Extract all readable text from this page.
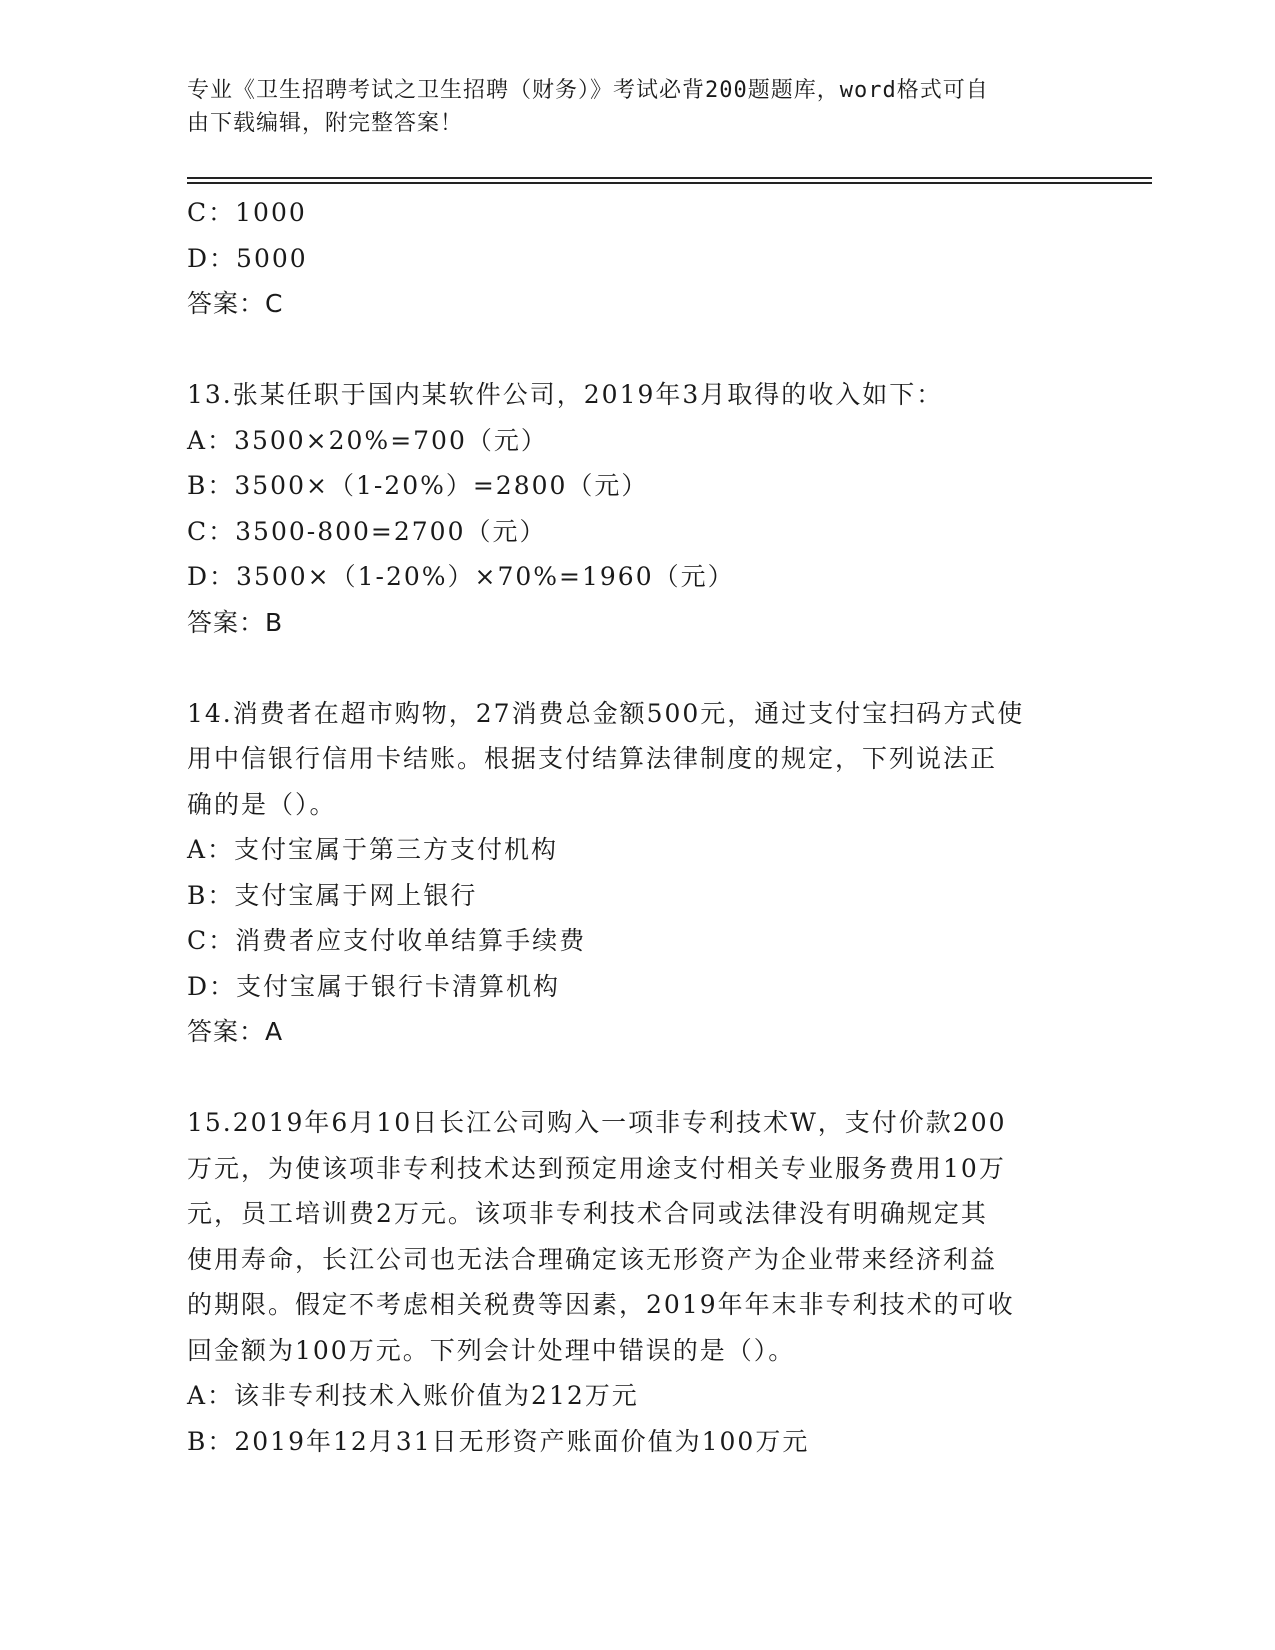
专业《卫生招聘考试之卫生招聘（财务）》考试必背200题题库，word格式可自
由下载编辑，附完整答案！
C：1000
D：5000
答案：C
13.张某任职于国内某软件公司，2019年3月取得的收入如下：
A：3500×20%=700（元）
B：3500×（1-20%）=2800（元）
C：3500-800=2700（元）
D：3500×（1-20%）×70%=1960（元）
答案：B
14.消费者在超市购物，27消费总金额500元，通过支付宝扫码方式使
用中信银行信用卡结账。根据支付结算法律制度的规定，下列说法正
确的是（）。
A：支付宝属于第三方支付机构
B：支付宝属于网上银行
C：消费者应支付收单结算手续费
D：支付宝属于银行卡清算机构
答案：A
15.2019年6月10日长江公司购入一项非专利技术W，支付价款200
万元，为使该项非专利技术达到预定用途支付相关专业服务费用10万
元，员工培训费2万元。该项非专利技术合同或法律没有明确规定其
使用寿命，长江公司也无法合理确定该无形资产为企业带来经济利益
的期限。假定不考虑相关税费等因素，2019年年末非专利技术的可收
回金额为100万元。下列会计处理中错误的是（）。
A：该非专利技术入账价值为212万元
B：2019年12月31日无形资产账面价值为100万元
